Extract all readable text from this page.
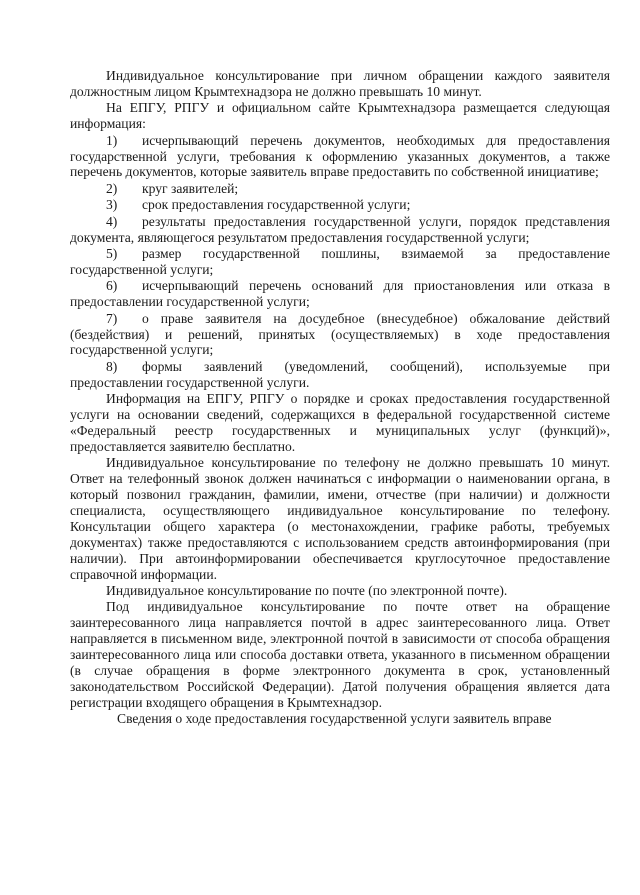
Индивидуальное консультирование при личном обращении каждого заявителя должностным лицом Крымтехнадзора не должно превышать 10 минут.

На ЕПГУ, РПГУ и официальном сайте Крымтехнадзора размещается следующая информация:

1) исчерпывающий перечень документов, необходимых для предоставления государственной услуги, требования к оформлению указанных документов, а также перечень документов, которые заявитель вправе предоставить по собственной инициативе;

2) круг заявителей;

3) срок предоставления государственной услуги;

4) результаты предоставления государственной услуги, порядок представления документа, являющегося результатом предоставления государственной услуги;

5) размер государственной пошлины, взимаемой за предоставление государственной услуги;

6) исчерпывающий перечень оснований для приостановления или отказа в предоставлении государственной услуги;

7) о праве заявителя на досудебное (внесудебное) обжалование действий (бездействия) и решений, принятых (осуществляемых) в ходе предоставления государственной услуги;

8) формы заявлений (уведомлений, сообщений), используемые при предоставлении государственной услуги.

Информация на ЕПГУ, РПГУ о порядке и сроках предоставления государственной услуги на основании сведений, содержащихся в федеральной государственной системе «Федеральный реестр государственных и муниципальных услуг (функций)», предоставляется заявителю бесплатно.

Индивидуальное консультирование по телефону не должно превышать 10 минут. Ответ на телефонный звонок должен начинаться с информации о наименовании органа, в который позвонил гражданин, фамилии, имени, отчестве (при наличии) и должности специалиста, осуществляющего индивидуальное консультирование по телефону. Консультации общего характера (о местонахождении, графике работы, требуемых документах) также предоставляются с использованием средств автоинформирования (при наличии). При автоинформировании обеспечивается круглосуточное предоставление справочной информации.

Индивидуальное консультирование по почте (по электронной почте).

Под индивидуальное консультирование по почте ответ на обращение заинтересованного лица направляется почтой в адрес заинтересованного лица. Ответ направляется в письменном виде, электронной почтой в зависимости от способа обращения заинтересованного лица или способа доставки ответа, указанного в письменном обращении (в случае обращения в форме электронного документа в срок, установленный законодательством Российской Федерации). Датой получения обращения является дата регистрации входящего обращения в Крымтехнадзор.

Сведения о ходе предоставления государственной услуги заявитель вправе
